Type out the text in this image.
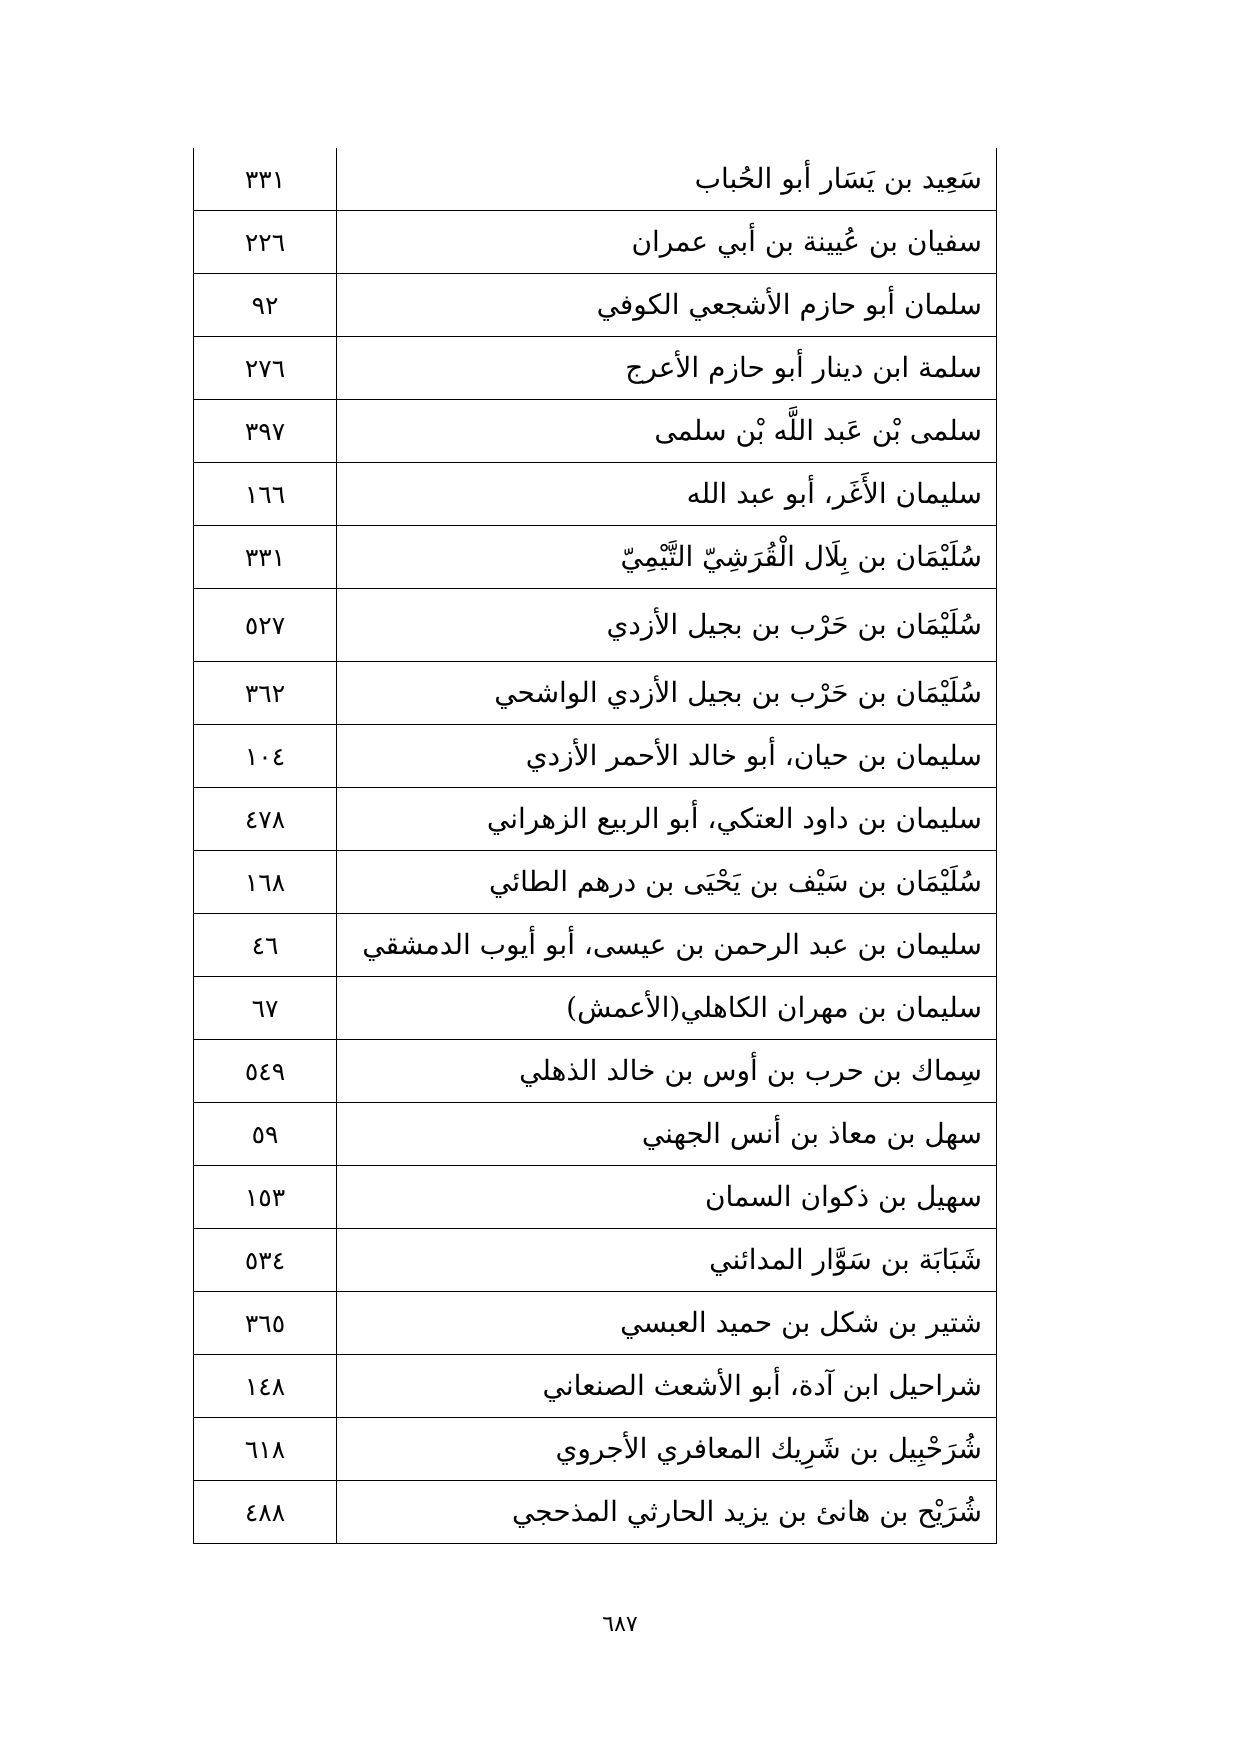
سَعِيد بن يَسَار أبو الحُباب	٣٣١
سفيان بن عُيينة بن أبي عمران	٢٢٦
سلمان أبو حازم الأشجعي الكوفي	٩٢
سلمة ابن دينار أبو حازم الأعرج	٢٧٦
سلمى بْن عَبد اللَّه بْن سلمى	٣٩٧
سليمان الأَغَر، أبو عبد الله	١٦٦
سُلَيْمَان بن بِلَال الْقُرَشِيّ التَّيْمِيّ	٣٣١
سُلَيْمَان بن حَرْب بن بجيل الأزدي	٥٢٧
سُلَيْمَان بن حَرْب بن بجيل الأزدي الواشحي	٣٦٢
سليمان بن حيان، أبو خالد الأحمر الأزدي	١٠٤
سليمان بن داود العتكي، أبو الربيع الزهراني	٤٧٨
سُلَيْمَان بن سَيْف بن يَحْيَى بن درهم الطائي	١٦٨
سليمان بن عبد الرحمن بن عيسى، أبو أيوب الدمشقي	٤٦
سليمان بن مهران الكاهلي(الأعمش)	٦٧
سِماك بن حرب بن أوس بن خالد الذهلي	٥٤٩
سهل بن معاذ بن أنس الجهني	٥٩
سهيل بن ذكوان السمان	١٥٣
شَبَابَة بن سَوَّار المدائني	٥٣٤
شتير بن شكل بن حميد العبسي	٣٦٥
شراحيل ابن آدة، أبو الأشعث الصنعاني	١٤٨
شُرَحْبِيل بن شَرِيك المعافري الأجروي	٦١٨
شُرَيْح بن هانئ بن يزيد الحارثي المذحجي	٤٨٨
٦٨٧
